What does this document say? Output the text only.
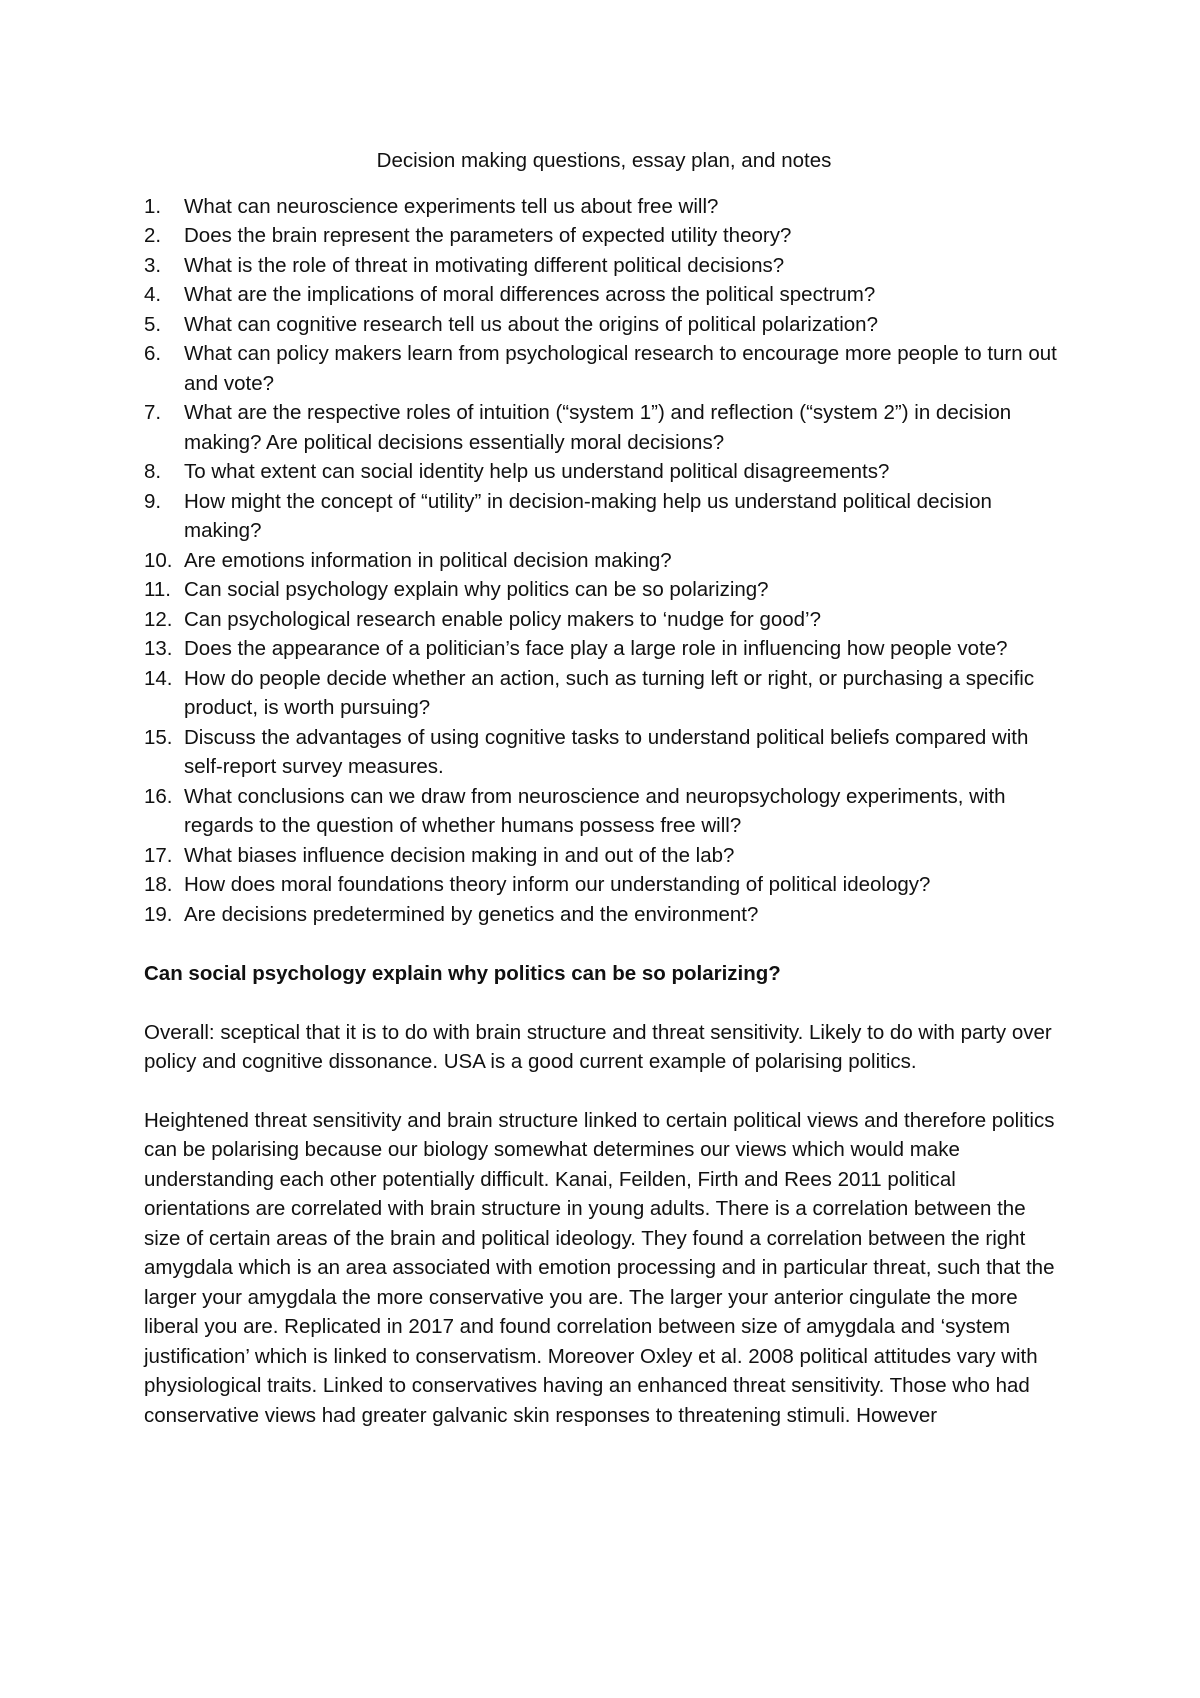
Decision making questions, essay plan, and notes
1.	What can neuroscience experiments tell us about free will?
2.	Does the brain represent the parameters of expected utility theory?
3.	What is the role of threat in motivating different political decisions?
4.	What are the implications of moral differences across the political spectrum?
5.	What can cognitive research tell us about the origins of political polarization?
6.	What can policy makers learn from psychological research to encourage more people to turn out and vote?
7.	What are the respective roles of intuition (“system 1”) and reflection (“system 2”) in decision making? Are political decisions essentially moral decisions?
8.	To what extent can social identity help us understand political disagreements?
9.	How might the concept of “utility” in decision-making help us understand political decision making?
10. Are emotions information in political decision making?
11. Can social psychology explain why politics can be so polarizing?
12. Can psychological research enable policy makers to ‘nudge for good’?
13. Does the appearance of a politician’s face play a large role in influencing how people vote?
14. How do people decide whether an action, such as turning left or right, or purchasing a specific product, is worth pursuing?
15. Discuss the advantages of using cognitive tasks to understand political beliefs compared with self-report survey measures.
16. What conclusions can we draw from neuroscience and neuropsychology experiments, with regards to the question of whether humans possess free will?
17. What biases influence decision making in and out of the lab?
18. How does moral foundations theory inform our understanding of political ideology?
19. Are decisions predetermined by genetics and the environment?
Can social psychology explain why politics can be so polarizing?

Overall: sceptical that it is to do with brain structure and threat sensitivity. Likely to do with party over policy and cognitive dissonance. USA is a good current example of polarising politics.

Heightened threat sensitivity and brain structure linked to certain political views and therefore politics can be polarising because our biology somewhat determines our views which would make understanding each other potentially difficult. Kanai, Feilden, Firth and Rees 2011 political orientations are correlated with brain structure in young adults. There is a correlation between the size of certain areas of the brain and political ideology. They found a correlation between the right amygdala which is an area associated with emotion processing and in particular threat, such that the larger your amygdala the more conservative you are. The larger your anterior cingulate the more liberal you are. Replicated in 2017 and found correlation between size of amygdala and ‘system justification’ which is linked to conservatism. Moreover Oxley et al. 2008 political attitudes vary with physiological traits. Linked to conservatives having an enhanced threat sensitivity. Those who had conservative views had greater galvanic skin responses to threatening stimuli. However
